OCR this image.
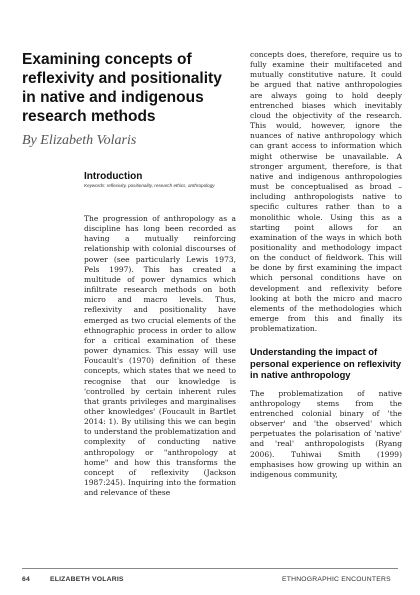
Examining concepts of reflexivity and positionality in native and indigenous research methods
By Elizabeth Volaris
Introduction
Keywords: reflexivity, positionality, research ethics, anthropology

The progression of anthropology as a discipline has long been recorded as having a mutually reinforcing relationship with colonial discourses of power (see particularly Lewis 1973, Pels 1997). This has created a multitude of power dynamics which infiltrate research methods on both micro and macro levels. Thus, reflexivity and positionality have emerged as two crucial elements of the ethnographic process in order to allow for a critical examination of these power dynamics. This essay will use Foucault's (1970) definition of these concepts, which states that we need to recognise that our knowledge is 'controlled by certain inherent rules that grants privileges and marginalises other knowledges' (Foucault in Bartlet 2014: 1). By utilising this we can begin to understand the problematization and complexity of conducting native anthropology or "anthropology at home" and how this transforms the concept of reflexivity (Jackson 1987:245). Inquiring into the formation and relevance of these

concepts does, therefore, require us to fully examine their multifaceted and mutually constitutive nature. It could be argued that native anthropologies are always going to hold deeply entrenched biases which inevitably cloud the objectivity of the research. This would, however, ignore the nuances of native anthropology which can grant access to information which might otherwise be unavailable. A stronger argument, therefore, is that native and indigenous anthropologies must be conceptualised as broad – including anthropologists native to specific cultures rather than to a monolithic whole. Using this as a starting point allows for an examination of the ways in which both positionality and methodology impact on the conduct of fieldwork. This will be done by first examining the impact which personal conditions have on development and reflexivity before looking at both the micro and macro elements of the methodologies which emerge from this and finally its problematization.

Understanding the impact of personal experience on reflexivity in native anthropology

The problematization of native anthropology stems from the entrenched colonial binary of 'the observer' and 'the observed' which perpetuates the polarisation of 'native' and 'real' anthropologists (Ryang 2006). Tuhiwai Smith (1999) emphasises how growing up within an indigenous community,

64	ELIZABETH VOLARIS	ETHNOGRAPHIC ENCOUNTERS
